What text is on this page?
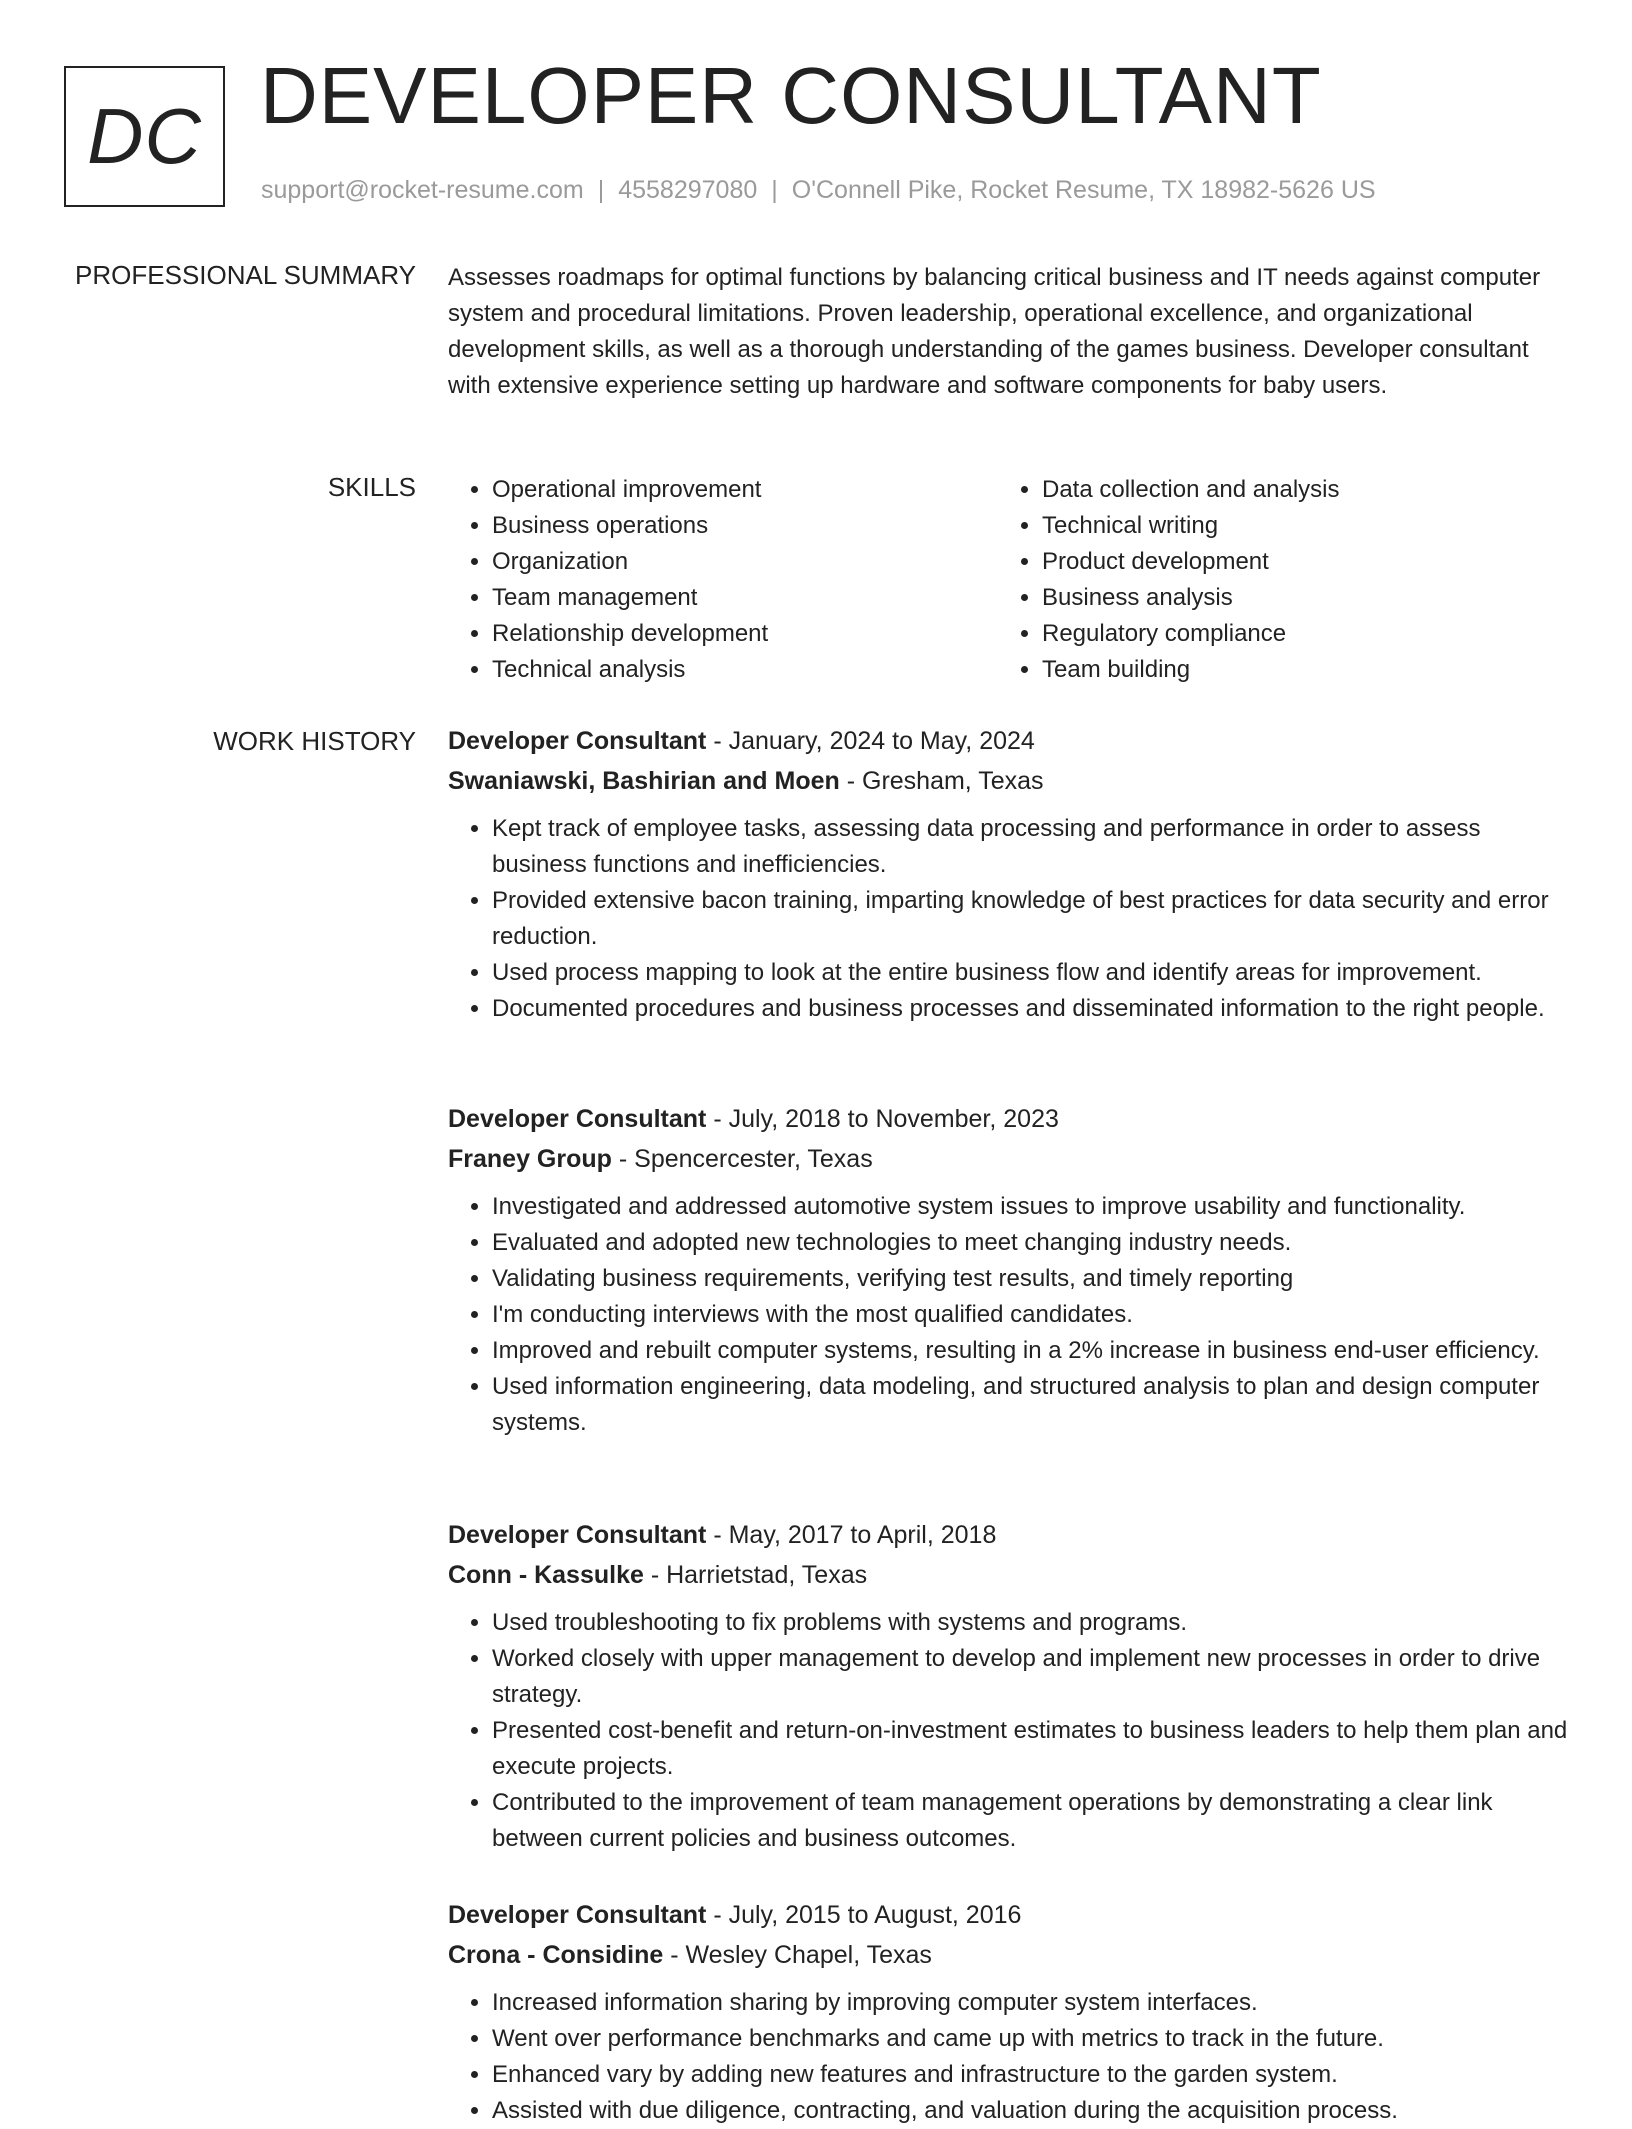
DC DEVELOPER CONSULTANT
support@rocket-resume.com | 4558297080 | O'Connell Pike, Rocket Resume, TX 18982-5626 US
PROFESSIONAL SUMMARY Assesses roadmaps for optimal functions by balancing critical business and IT needs against computer system and procedural limitations. Proven leadership, operational excellence, and organizational development skills, as well as a thorough understanding of the games business. Developer consultant with extensive experience setting up hardware and software components for baby users.

SKILLS
•	Operational improvement
• Business operations
• Organization
• Team management
• Relationship development
• Technical analysis
• Data collection and analysis
• Technical writing
• Product development
• Business analysis
• Regulatory compliance
• Team building
WORK HISTORY Developer Consultant - January, 2024 to May, 2024
Swaniawski, Bashirian and Moen - Gresham, Texas
• Kept track of employee tasks, assessing data processing and performance in order to assess business functions and inefficiencies.
• Provided extensive bacon training, imparting knowledge of best practices for data security and error reduction.
• Used process mapping to look at the entire business flow and identify areas for improvement.
• Documented procedures and business processes and disseminated information to the right people.
Developer Consultant - July, 2018 to November, 2023
Franey Group - Spencercester, Texas
• Investigated and addressed automotive system issues to improve usability and functionality.
• Evaluated and adopted new technologies to meet changing industry needs.
• Validating business requirements, verifying test results, and timely reporting
• I'm conducting interviews with the most qualified candidates.
• Improved and rebuilt computer systems, resulting in a 2% increase in business end-user efficiency.
• Used information engineering, data modeling, and structured analysis to plan and design computer systems.
Developer Consultant - May, 2017 to April, 2018
Conn - Kassulke - Harrietstad, Texas
• Used troubleshooting to fix problems with systems and programs.
• Worked closely with upper management to develop and implement new processes in order to drive strategy.
• Presented cost-benefit and return-on-investment estimates to business leaders to help them plan and execute projects.
• Contributed to the improvement of team management operations by demonstrating a clear link between current policies and business outcomes.
Developer Consultant - July, 2015 to August, 2016
Crona - Considine - Wesley Chapel, Texas
• Increased information sharing by improving computer system interfaces.
• Went over performance benchmarks and came up with metrics to track in the future.
• Enhanced vary by adding new features and infrastructure to the garden system.
• Assisted with due diligence, contracting, and valuation during the acquisition process.
